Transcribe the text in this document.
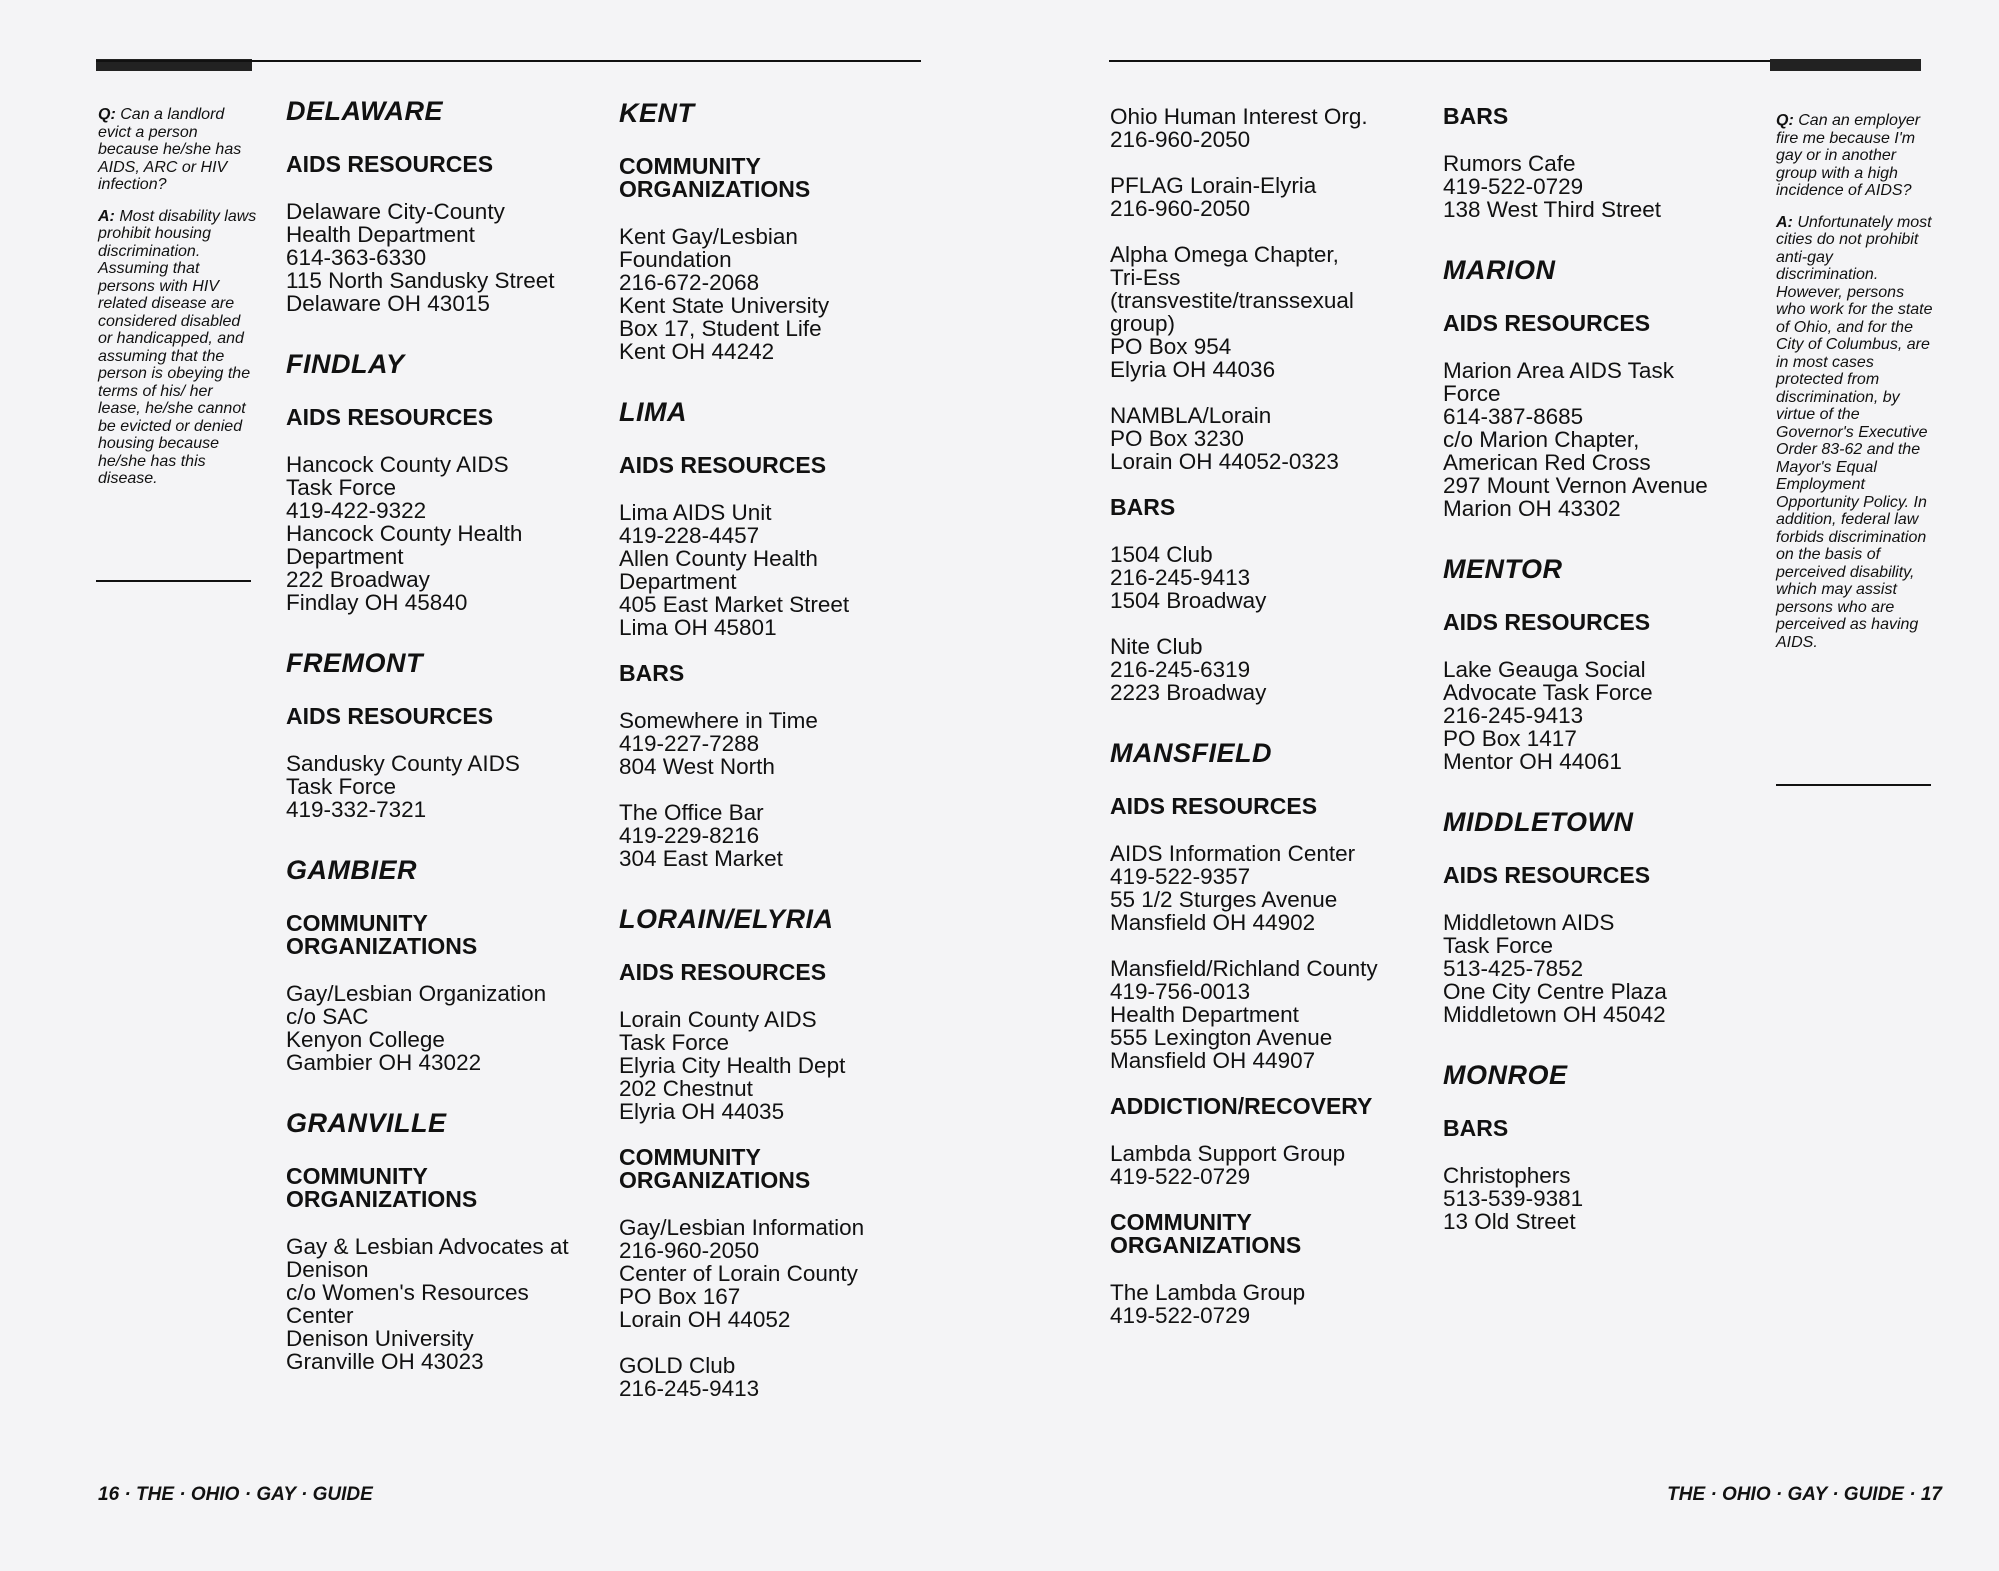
Q: Can a landlord evict a person because he/she has AIDS, ARC or HIV infection?

A: Most disability laws prohibit housing discrimination. Assuming that persons with HIV related disease are considered disabled or handicapped, and assuming that the person is obeying the terms of his/ her lease, he/she cannot be evicted or denied housing because he/she has this disease.

Q: Can an employer fire me because I'm gay or in another group with a high incidence of AIDS?

A: Unfortunately most cities do not prohibit anti-gay discrimination. However, persons who work for the state of Ohio, and for the City of Columbus, are in most cases protected from discrimination, by virtue of the Governor's Executive Order 83-62 and the Mayor's Equal Employment Opportunity Policy. In addition, federal law forbids discrimination on the basis of perceived disability, which may assist persons who are perceived as having AIDS.

DELAWARE
AIDS RESOURCES
Delaware City-County
Health Department
614-363-6330
115 North Sandusky Street
Delaware OH 43015
FINDLAY
AIDS RESOURCES
Hancock County AIDS
Task Force
419-422-9322
Hancock County Health
Department
222 Broadway
Findlay OH 45840
FREMONT
AIDS RESOURCES
Sandusky County AIDS
Task Force
419-332-7321
GAMBIER
COMMUNITY ORGANIZATIONS
Gay/Lesbian Organization
c/o SAC
Kenyon College
Gambier OH 43022
GRANVILLE
COMMUNITY ORGANIZATIONS
Gay & Lesbian Advocates at
Denison
c/o Women's Resources
Center
Denison University
Granville OH 43023
KENT
COMMUNITY ORGANIZATIONS
Kent Gay/Lesbian
Foundation
216-672-2068
Kent State University
Box 17, Student Life
Kent OH 44242
LIMA
AIDS RESOURCES
Lima AIDS Unit
419-228-4457
Allen County Health
Department
405 East Market Street
Lima OH 45801
BARS
Somewhere in Time
419-227-7288
804 West North
The Office Bar
419-229-8216
304 East Market
LORAIN/ELYRIA
AIDS RESOURCES
Lorain County AIDS
Task Force
Elyria City Health Dept
202 Chestnut
Elyria OH 44035
COMMUNITY ORGANIZATIONS
Gay/Lesbian Information
216-960-2050
Center of Lorain County
PO Box 167
Lorain OH 44052
GOLD Club
216-245-9413
Ohio Human Interest Org.
216-960-2050
PFLAG Lorain-Elyria
216-960-2050
Alpha Omega Chapter,
Tri-Ess
(transvestite/transsexual
group)
PO Box 954
Elyria OH 44036
NAMBLA/Lorain
PO Box 3230
Lorain OH 44052-0323
BARS
1504 Club
216-245-9413
1504 Broadway
Nite Club
216-245-6319
2223 Broadway
MANSFIELD
AIDS RESOURCES
AIDS Information Center
419-522-9357
55 1/2 Sturges Avenue
Mansfield OH 44902
Mansfield/Richland County
419-756-0013
Health Department
555 Lexington Avenue
Mansfield OH 44907
ADDICTION/RECOVERY
Lambda Support Group
419-522-0729
COMMUNITY ORGANIZATIONS
The Lambda Group
419-522-0729
BARS
Rumors Cafe
419-522-0729
138 West Third Street
MARION
AIDS RESOURCES
Marion Area AIDS Task
Force
614-387-8685
c/o Marion Chapter,
American Red Cross
297 Mount Vernon Avenue
Marion OH 43302
MENTOR
AIDS RESOURCES
Lake Geauga Social
Advocate Task Force
216-245-9413
PO Box 1417
Mentor OH 44061
MIDDLETOWN
AIDS RESOURCES
Middletown AIDS
Task Force
513-425-7852
One City Centre Plaza
Middletown OH 45042
MONROE
BARS
Christophers
513-539-9381
13 Old Street
16 · THE · OHIO · GAY · GUIDE	THE · OHIO · GAY · GUIDE · 17
